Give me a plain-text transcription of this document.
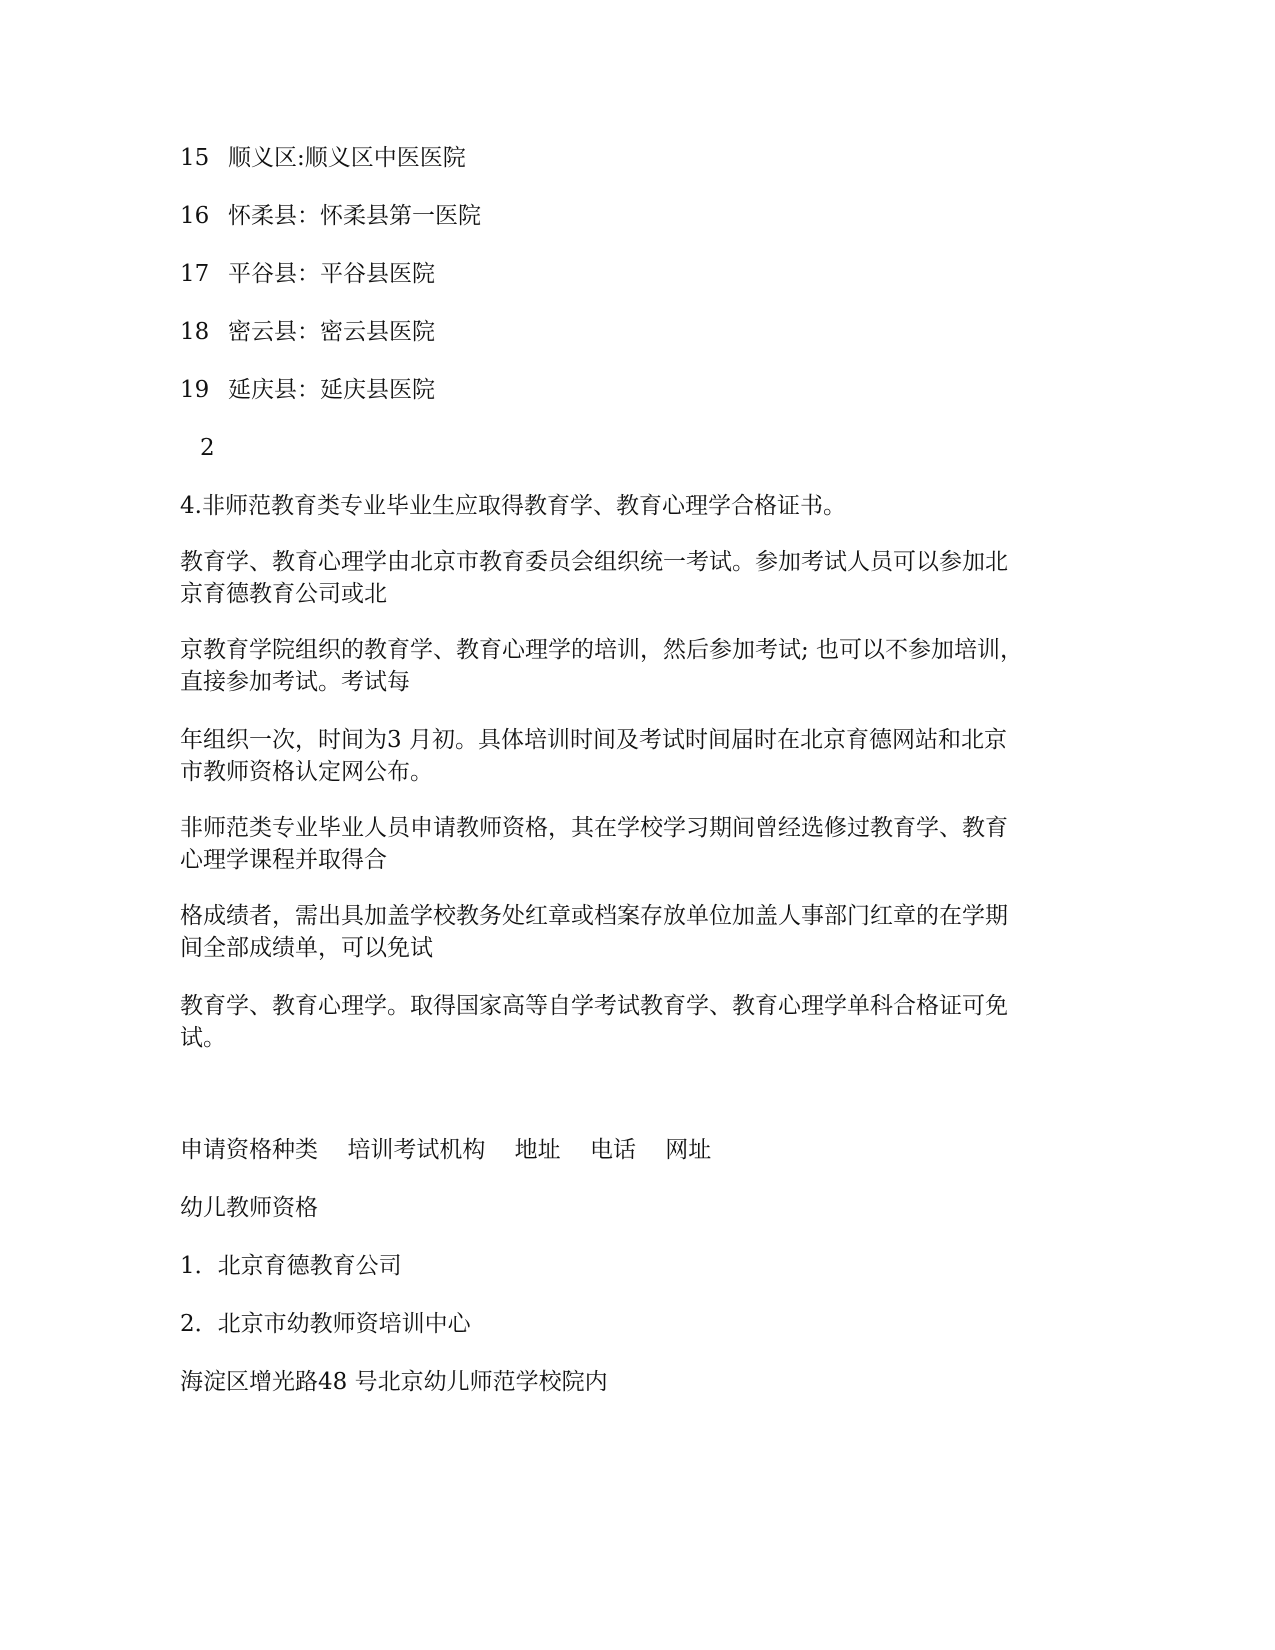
15 顺义区:顺义区中医医院
16 怀柔县：怀柔县第一医院
17 平谷县：平谷县医院
18 密云县：密云县医院
19 延庆县：延庆县医院
2
4.非师范教育类专业毕业生应取得教育学、教育心理学合格证书。
教育学、教育心理学由北京市教育委员会组织统一考试。参加考试人员可以参加北
京育德教育公司或北
京教育学院组织的教育学、教育心理学的培训，然后参加考试; 也可以不参加培训，
直接参加考试。考试每
年组织一次，时间为3 月初。具体培训时间及考试时间届时在北京育德网站和北京
市教师资格认定网公布。
非师范类专业毕业人员申请教师资格，其在学校学习期间曾经选修过教育学、教育
心理学课程并取得合
格成绩者，需出具加盖学校教务处红章或档案存放单位加盖人事部门红章的在学期
间全部成绩单，可以免试
教育学、教育心理学。取得国家高等自学考试教育学、教育心理学单科合格证可免
试。
申请资格种类 培训考试机构 地址 电话 网址
幼儿教师资格
1．北京育德教育公司
2．北京市幼教师资培训中心
海淀区增光路48 号北京幼儿师范学校院内
